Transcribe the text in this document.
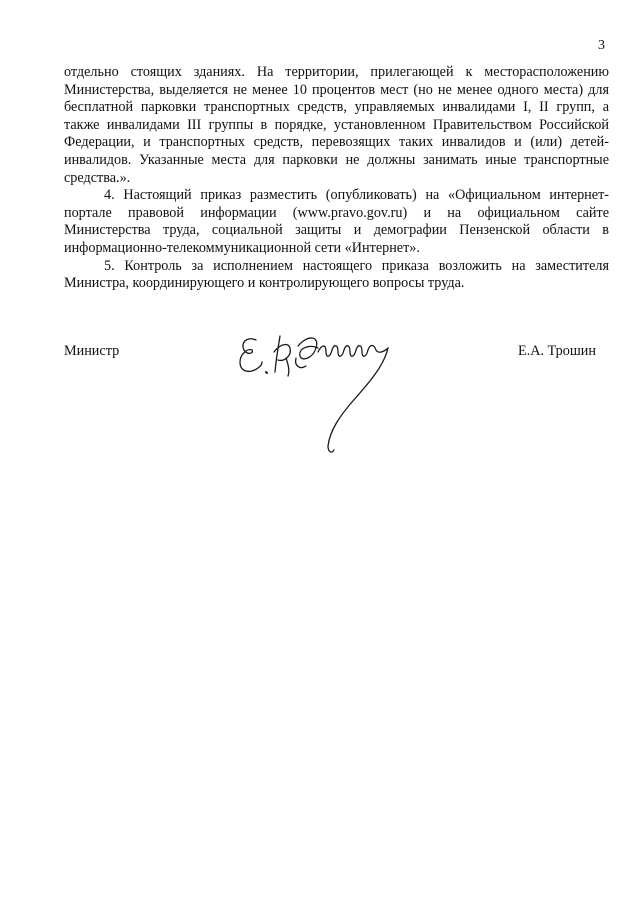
3

отдельно стоящих зданиях. На территории, прилегающей к месторасположению Министерства, выделяется не менее 10 процентов мест (но не менее одного места) для бесплатной парковки транспортных средств, управляемых инвалидами I, II групп, а также инвалидами III группы в порядке, установленном Правительством Российской Федерации, и транспортных средств, перевозящих таких инвалидов и (или) детей-инвалидов. Указанные места для парковки не должны занимать иные транспортные средства.».

4. Настоящий приказ разместить (опубликовать) на «Официальном интернет-портале правовой информации (www.pravo.gov.ru) и на официальном сайте Министерства труда, социальной защиты и демографии Пензенской области в информационно-телекоммуникационной сети «Интернет».

5. Контроль за исполнением настоящего приказа возложить на заместителя Министра, координирующего и контролирующего вопросы труда.

Министр	Е.А. Трошин
